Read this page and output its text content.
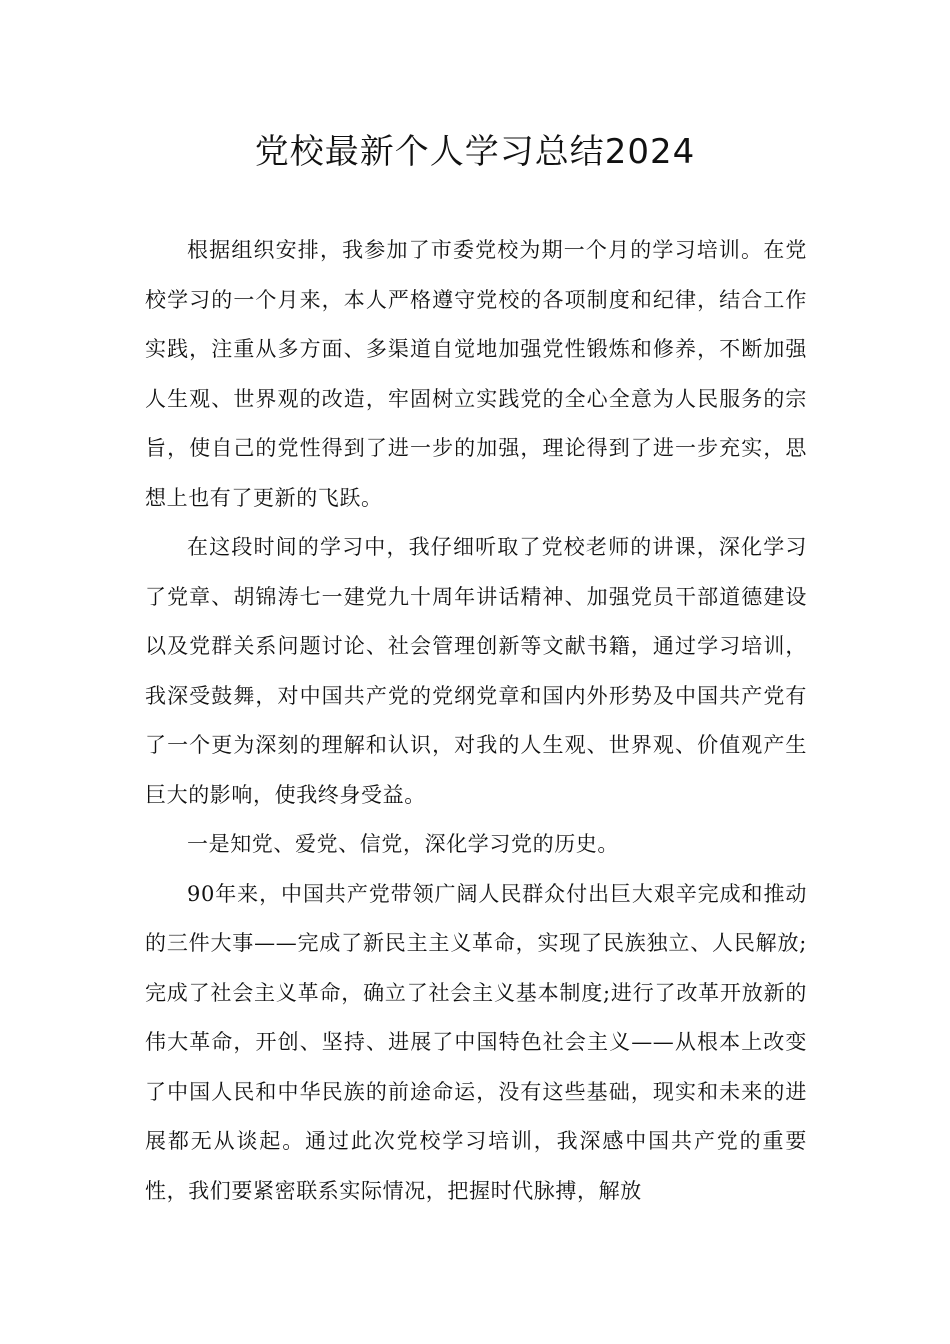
党校最新个人学习总结2024

根据组织安排，我参加了市委党校为期一个月的学习培训。在党校学习的一个月来，本人严格遵守党校的各项制度和纪律，结合工作实践，注重从多方面、多渠道自觉地加强党性锻炼和修养，不断加强人生观、世界观的改造，牢固树立实践党的全心全意为人民服务的宗旨，使自己的党性得到了进一步的加强，理论得到了进一步充实，思想上也有了更新的飞跃。

在这段时间的学习中，我仔细听取了党校老师的讲课，深化学习了党章、胡锦涛七一建党九十周年讲话精神、加强党员干部道德建设以及党群关系问题讨论、社会管理创新等文献书籍，通过学习培训，我深受鼓舞，对中国共产党的党纲党章和国内外形势及中国共产党有了一个更为深刻的理解和认识，对我的人生观、世界观、价值观产生巨大的影响，使我终身受益。

一是知党、爱党、信党，深化学习党的历史。

90年来，中国共产党带领广阔人民群众付出巨大艰辛完成和推动的三件大事——完成了新民主主义革命，实现了民族独立、人民解放;完成了社会主义革命，确立了社会主义基本制度;进行了改革开放新的伟大革命，开创、坚持、进展了中国特色社会主义——从根本上改变了中国人民和中华民族的前途命运，没有这些基础，现实和未来的进展都无从谈起。通过此次党校学习培训，我深感中国共产党的重要性，我们要紧密联系实际情况，把握时代脉搏，解放
